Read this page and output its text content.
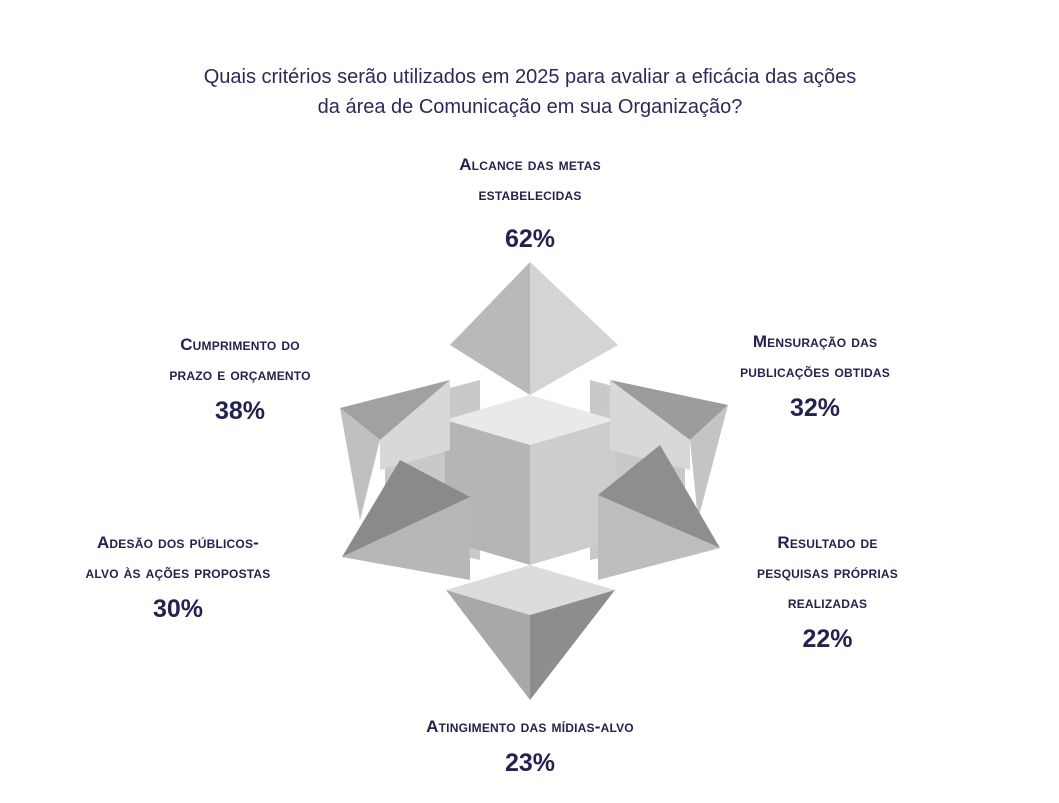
Quais critérios serão utilizados em 2025 para avaliar a eficácia das ações
da área de Comunicação em sua Organização?
Alcance das metas
estabelecidas
62%
Mensuração das
publicações obtidas
32%
Resultado de
pesquisas próprias
realizadas
22%
Atingimento das mídias-alvo
23%
Adesão dos públicos-
alvo às ações propostas
30%
Cumprimento do
prazo e orçamento
38%
